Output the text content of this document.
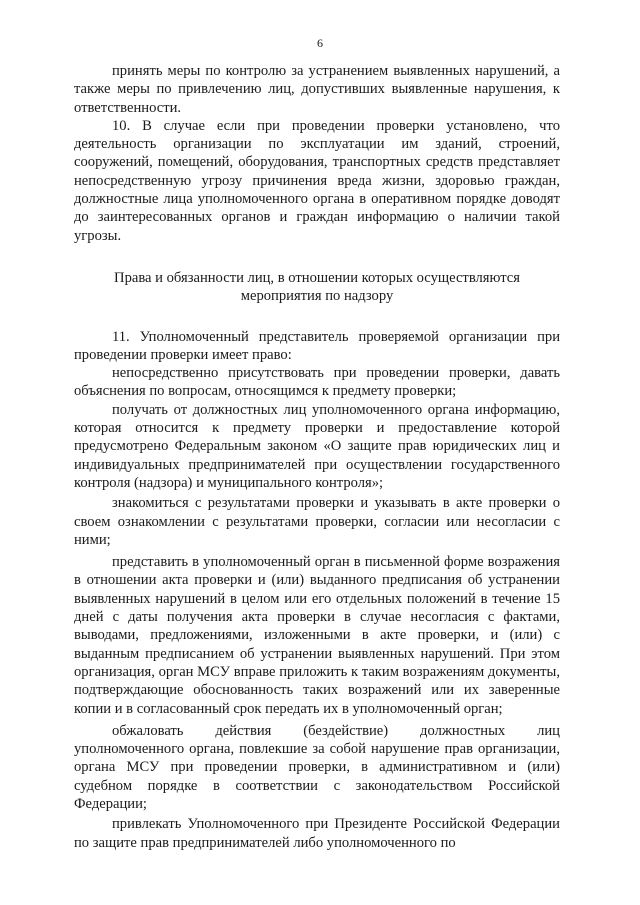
6

принять меры по контролю за устранением выявленных нарушений, а также меры по привлечению лиц, допустивших выявленные нарушения, к ответственности.

10. В случае если при проведении проверки установлено, что деятельность организации по эксплуатации им зданий, строений, сооружений, помещений, оборудования, транспортных средств представляет непосредственную угрозу причинения вреда жизни, здоровью граждан, должностные лица уполномоченного органа в оперативном порядке доводят до заинтересованных органов и граждан информацию о наличии такой угрозы.

Права и обязанности лиц, в отношении которых осуществляются
мероприятия по надзору

11. Уполномоченный представитель проверяемой организации при проведении проверки имеет право:

непосредственно присутствовать при проведении проверки, давать объяснения по вопросам, относящимся к предмету проверки;

получать от должностных лиц уполномоченного органа информацию, которая относится к предмету проверки и предоставление которой предусмотрено Федеральным законом «О защите прав юридических лиц и индивидуальных предпринимателей при осуществлении государственного контроля (надзора) и муниципального контроля»;

знакомиться с результатами проверки и указывать в акте проверки о своем ознакомлении с результатами проверки, согласии или несогласии с ними;

представить в уполномоченный орган в письменной форме возражения в отношении акта проверки и (или) выданного предписания об устранении выявленных нарушений в целом или его отдельных положений в течение 15 дней с даты получения акта проверки в случае несогласия с фактами, выводами, предложениями, изложенными в акте проверки, и (или) с выданным предписанием об устранении выявленных нарушений. При этом организация, орган МСУ вправе приложить к таким возражениям документы, подтверждающие обоснованность таких возражений или их заверенные копии и в согласованный срок передать их в уполномоченный орган;

обжаловать действия (бездействие) должностных лиц уполномоченного органа, повлекшие за собой нарушение прав организации, органа МСУ при проведении проверки, в административном и (или) судебном порядке в соответствии с законодательством Российской Федерации;

привлекать Уполномоченного при Президенте Российской Федерации по защите прав предпринимателей либо уполномоченного по
